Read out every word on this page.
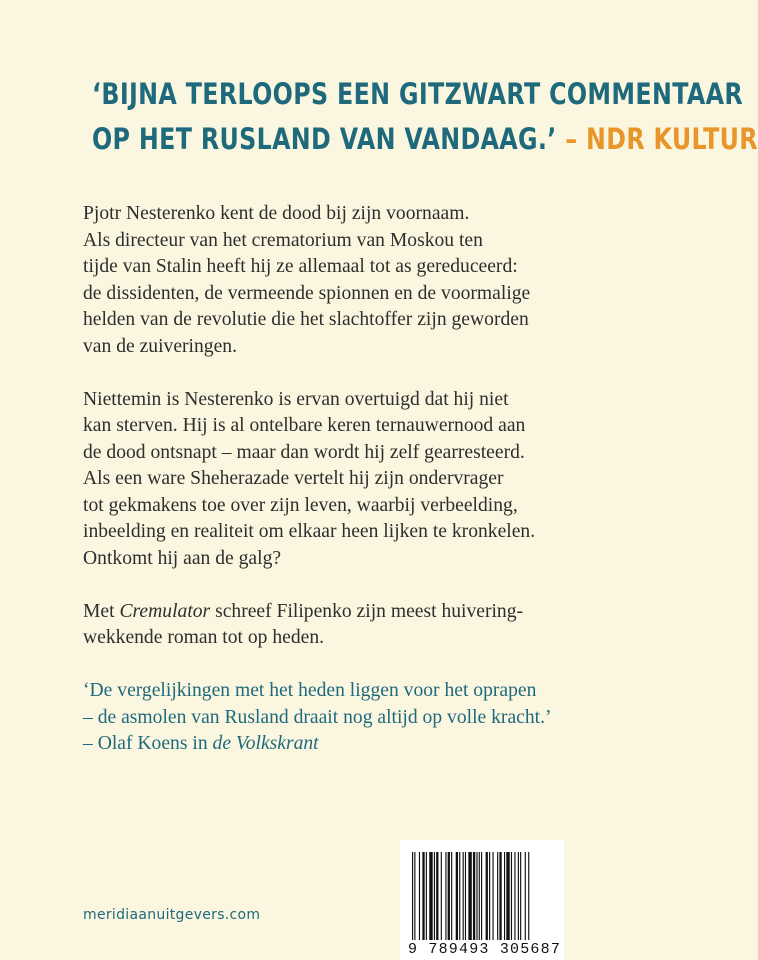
‘BIJNA TERLOOPS EEN GITZWART COMMENTAAR
OP HET RUSLAND VAN VANDAAG.’ – NDR KULTUR

Pjotr Nesterenko kent de dood bij zijn voornaam.
Als directeur van het crematorium van Moskou ten
tijde van Stalin heeft hij ze allemaal tot as gereduceerd:
de dissidenten, de vermeende spionnen en de voormalige
helden van de revolutie die het slachtoffer zijn geworden
van de zuiveringen.

Niettemin is Nesterenko is ervan overtuigd dat hij niet
kan sterven. Hij is al ontelbare keren ternauwernood aan
de dood ontsnapt – maar dan wordt hij zelf gearresteerd.
Als een ware Sheherazade vertelt hij zijn ondervrager
tot gekmakens toe over zijn leven, waarbij verbeelding,
inbeelding en realiteit om elkaar heen lijken te kronkelen.
Ontkomt hij aan de galg?

Met Cremulator schreef Filipenko zijn meest huivering-
wekkende roman tot op heden.

‘De vergelijkingen met het heden liggen voor het oprapen
– de asmolen van Rusland draait nog altijd op volle kracht.’
– Olaf Koens in de Volkskrant
meridiaanuitgevers.com
9 789493 305687
